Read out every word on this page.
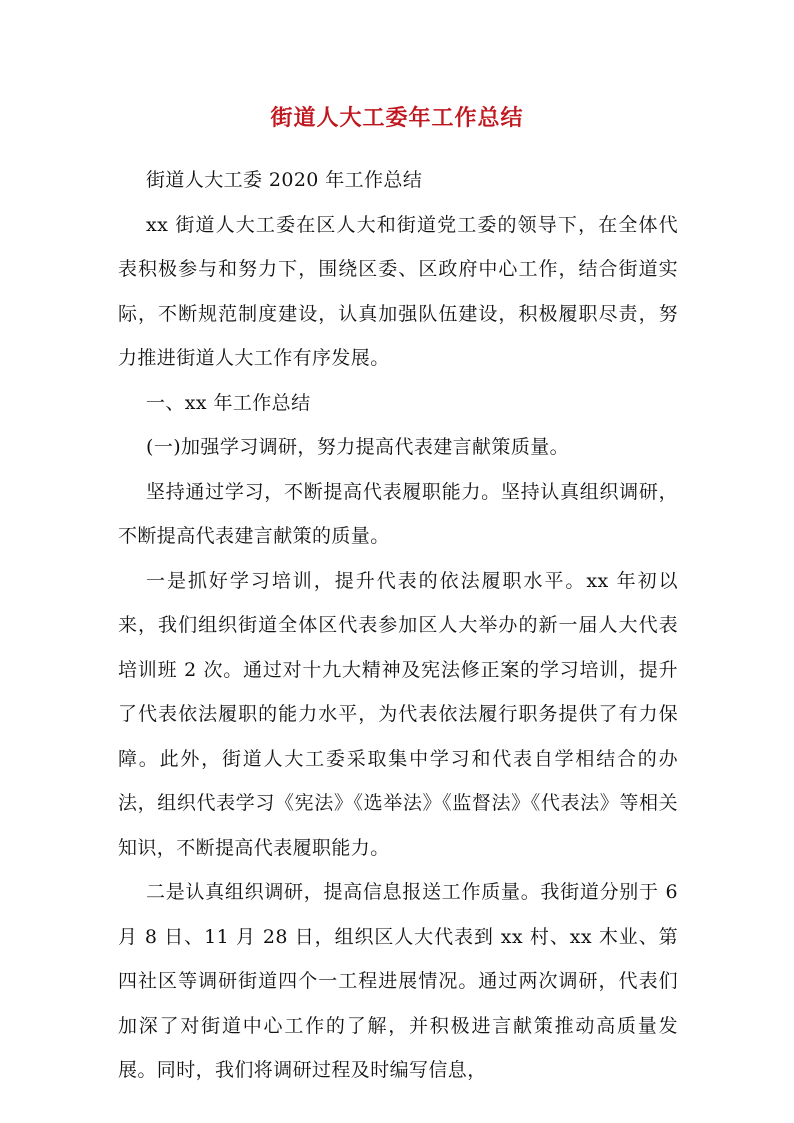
街道人大工委年工作总结

街道人大工委 2020 年工作总结

xx 街道人大工委在区人大和街道党工委的领导下，在全体代表积极参与和努力下，围绕区委、区政府中心工作，结合街道实际，不断规范制度建设，认真加强队伍建设，积极履职尽责，努力推进街道人大工作有序发展。

一、xx 年工作总结

(一)加强学习调研，努力提高代表建言献策质量。

坚持通过学习，不断提高代表履职能力。坚持认真组织调研，不断提高代表建言献策的质量。

一是抓好学习培训，提升代表的依法履职水平。xx 年初以来，我们组织街道全体区代表参加区人大举办的新一届人大代表培训班 2 次。通过对十九大精神及宪法修正案的学习培训，提升了代表依法履职的能力水平，为代表依法履行职务提供了有力保障。此外，街道人大工委采取集中学习和代表自学相结合的办法，组织代表学习《宪法》《选举法》《监督法》《代表法》等相关知识，不断提高代表履职能力。

二是认真组织调研，提高信息报送工作质量。我街道分别于 6 月 8 日、11 月 28 日，组织区人大代表到 xx 村、xx 木业、第四社区等调研街道四个一工程进展情况。通过两次调研，代表们加深了对街道中心工作的了解，并积极进言献策推动高质量发展。同时，我们将调研过程及时编写信息，
